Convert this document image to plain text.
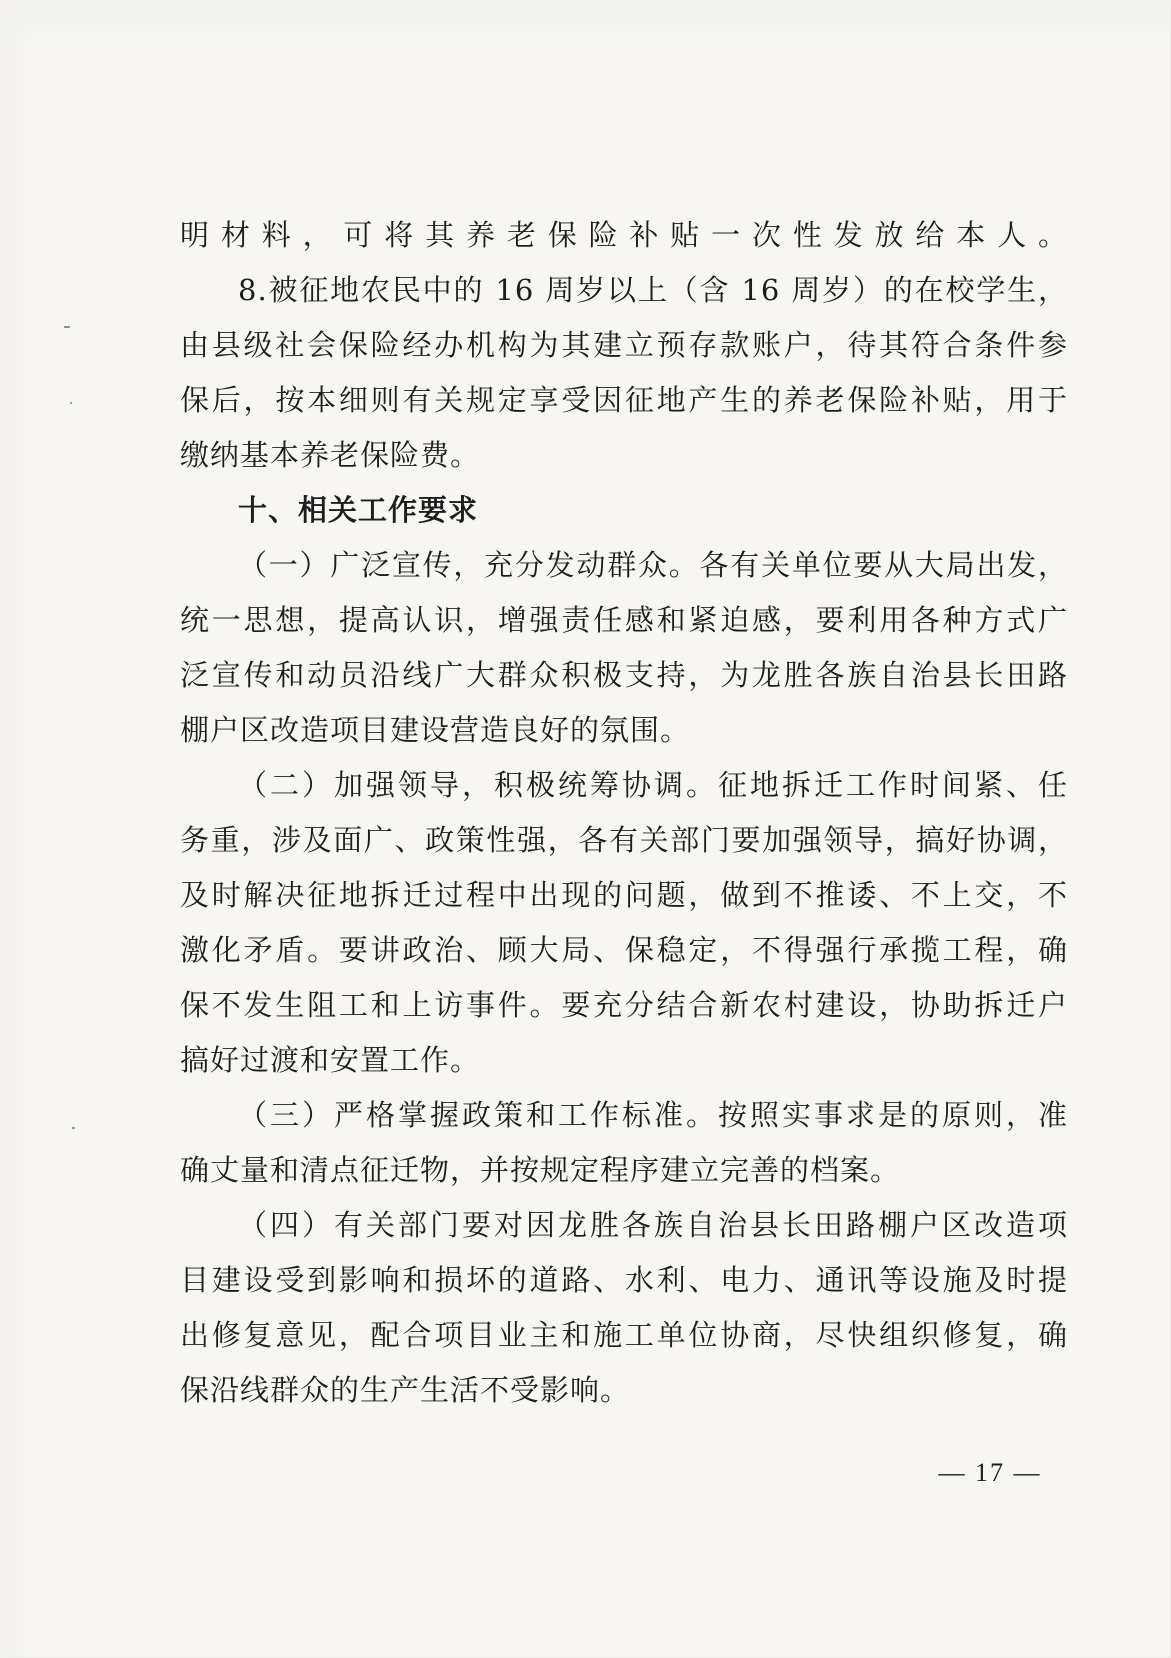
明材料，可将其养老保险补贴一次性发放给本人。
8.被征地农民中的 16 周岁以上（含 16 周岁）的在校学生，
由县级社会保险经办机构为其建立预存款账户，待其符合条件参
保后，按本细则有关规定享受因征地产生的养老保险补贴，用于
缴纳基本养老保险费。
十、相关工作要求
（一）广泛宣传，充分发动群众。各有关单位要从大局出发，
统一思想，提高认识，增强责任感和紧迫感，要利用各种方式广
泛宣传和动员沿线广大群众积极支持，为龙胜各族自治县长田路
棚户区改造项目建设营造良好的氛围。
（二）加强领导，积极统筹协调。征地拆迁工作时间紧、任
务重，涉及面广、政策性强，各有关部门要加强领导，搞好协调，
及时解决征地拆迁过程中出现的问题，做到不推诿、不上交，不
激化矛盾。要讲政治、顾大局、保稳定，不得强行承揽工程，确
保不发生阻工和上访事件。要充分结合新农村建设，协助拆迁户
搞好过渡和安置工作。
（三）严格掌握政策和工作标准。按照实事求是的原则，准
确丈量和清点征迁物，并按规定程序建立完善的档案。
（四）有关部门要对因龙胜各族自治县长田路棚户区改造项
目建设受到影响和损坏的道路、水利、电力、通讯等设施及时提
出修复意见，配合项目业主和施工单位协商，尽快组织修复，确
保沿线群众的生产生活不受影响。
— 17 —
